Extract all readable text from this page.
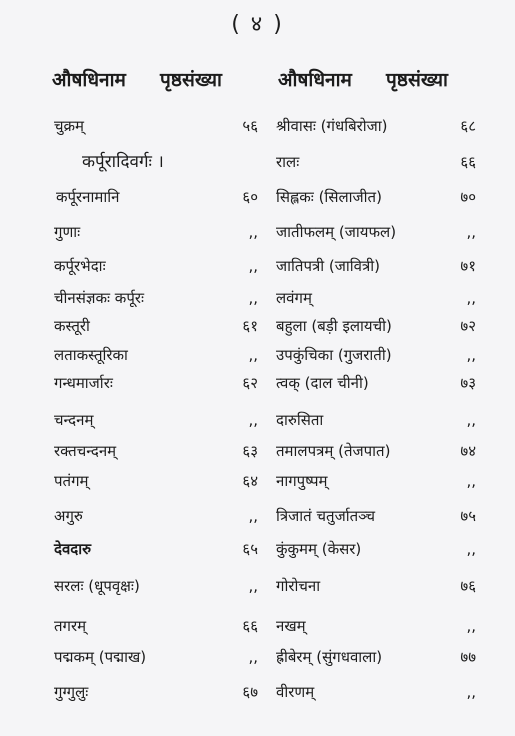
( ४ )
औषधिनाम पृष्ठसंख्या	औषधिनाम पृष्ठसंख्या
चुक्रम्	५६ श्रीवासः (गंधबिरोजा)	६८
कर्पूरादिवर्गः ।	रालः	६६
कर्पूरनामानि	६० सिह्लकः (सिलाजीत)	७०
गुणाः	,, जातीफलम् (जायफल)	,,
कर्पूरभेदाः	,, जातिपत्री (जावित्री)	७१
चीनसंज्ञकः कर्पूरः	,, लवंगम्	,,
कस्तूरी	६१ बहुला (बड़ी इलायची)	७२
लताकस्तूरिका	,, उपकुंचिका (गुजराती)	,,
गन्धमार्जारः	६२ त्वक् (दाल चीनी)	७३
चन्दनम्	,, दारुसिता	,,
रक्तचन्दनम्	६३ तमालपत्रम् (तेजपात)	७४
पतंगम्	६४ नागपुष्पम्	,,
अगुरु	,, त्रिजातं चतुर्जातञ्च	७५
देवदारु	६५ कुंकुमम् (केसर)	,,
सरलः (धूपवृक्षः)	,, गोरोचना	७६
तगरम्	६६ नखम्	,,
पद्मकम् (पद्माख)	,, ह्रीबेरम् (सुंगधवाला)	७७
गुग्गुलुः	६७ वीरणम्	,,
